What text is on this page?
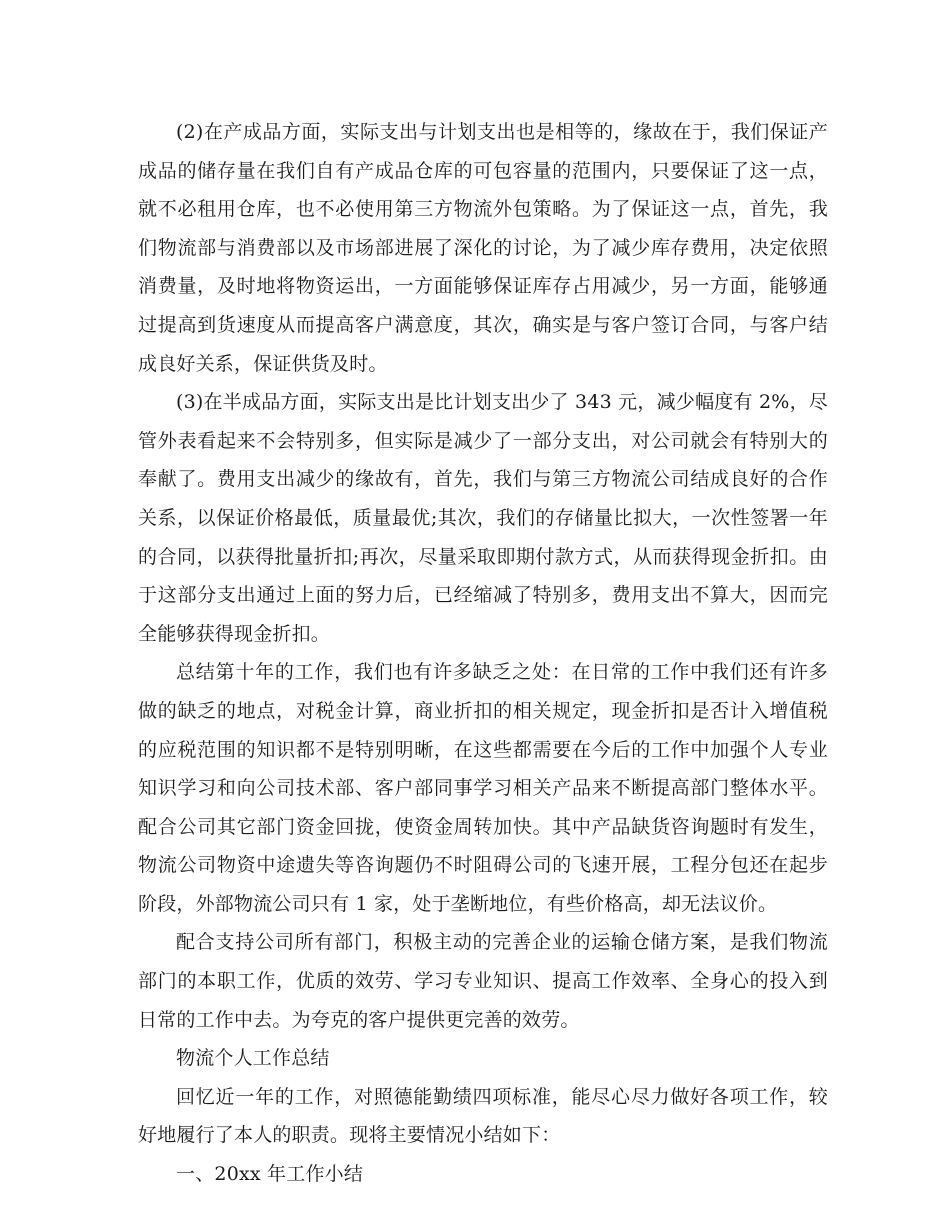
(2)在产成品方面，实际支出与计划支出也是相等的，缘故在于，我们保证产成品的储存量在我们自有产成品仓库的可包容量的范围内，只要保证了这一点，就不必租用仓库，也不必使用第三方物流外包策略。为了保证这一点，首先，我们物流部与消费部以及市场部进展了深化的讨论，为了减少库存费用，决定依照消费量，及时地将物资运出，一方面能够保证库存占用减少，另一方面，能够通过提高到货速度从而提高客户满意度，其次，确实是与客户签订合同，与客户结成良好关系，保证供货及时。

(3)在半成品方面，实际支出是比计划支出少了 343 元，减少幅度有 2%，尽管外表看起来不会特别多，但实际是减少了一部分支出，对公司就会有特别大的奉献了。费用支出减少的缘故有，首先，我们与第三方物流公司结成良好的合作关系，以保证价格最低，质量最优;其次，我们的存储量比拟大，一次性签署一年的合同，以获得批量折扣;再次，尽量采取即期付款方式，从而获得现金折扣。由于这部分支出通过上面的努力后，已经缩减了特别多，费用支出不算大，因而完全能够获得现金折扣。

总结第十年的工作，我们也有许多缺乏之处：在日常的工作中我们还有许多做的缺乏的地点，对税金计算，商业折扣的相关规定，现金折扣是否计入增值税的应税范围的知识都不是特别明晰，在这些都需要在今后的工作中加强个人专业知识学习和向公司技术部、客户部同事学习相关产品来不断提高部门整体水平。配合公司其它部门资金回拢，使资金周转加快。其中产品缺货咨询题时有发生，物流公司物资中途遗失等咨询题仍不时阻碍公司的飞速开展，工程分包还在起步阶段，外部物流公司只有 1 家，处于垄断地位，有些价格高，却无法议价。

配合支持公司所有部门，积极主动的完善企业的运输仓储方案，是我们物流部门的本职工作，优质的效劳、学习专业知识、提高工作效率、全身心的投入到日常的工作中去。为夸克的客户提供更完善的效劳。

物流个人工作总结

回忆近一年的工作，对照德能勤绩四项标准，能尽心尽力做好各项工作，较好地履行了本人的职责。现将主要情况小结如下：

一、20xx 年工作小结
